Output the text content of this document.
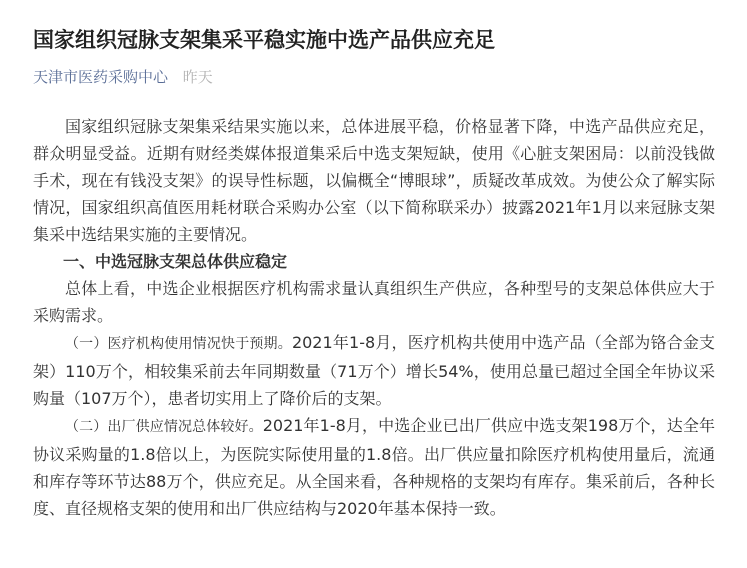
国家组织冠脉支架集采平稳实施中选产品供应充足
天津市医药采购中心 昨天

国家组织冠脉支架集采结果实施以来，总体进展平稳，价格显著下降，中选产品供应充足，群众明显受益。近期有财经类媒体报道集采后中选支架短缺，使用《心脏支架困局：以前没钱做手术，现在有钱没支架》的误导性标题，以偏概全“博眼球”，质疑改革成效。为使公众了解实际情况，国家组织高值医用耗材联合采购办公室（以下简称联采办）披露2021年1月以来冠脉支架集采中选结果实施的主要情况。

一、中选冠脉支架总体供应稳定

总体上看，中选企业根据医疗机构需求量认真组织生产供应，各种型号的支架总体供应大于采购需求。

（一）医疗机构使用情况快于预期。2021年1-8月，医疗机构共使用中选产品（全部为铬合金支架）110万个，相较集采前去年同期数量（71万个）增长54%，使用总量已超过全国全年协议采购量（107万个），患者切实用上了降价后的支架。

（二）出厂供应情况总体较好。2021年1-8月，中选企业已出厂供应中选支架198万个，达全年协议采购量的1.8倍以上，为医院实际使用量的1.8倍。出厂供应量扣除医疗机构使用量后，流通和库存等环节达88万个，供应充足。从全国来看，各种规格的支架均有库存。集采前后，各种长度、直径规格支架的使用和出厂供应结构与2020年基本保持一致。
